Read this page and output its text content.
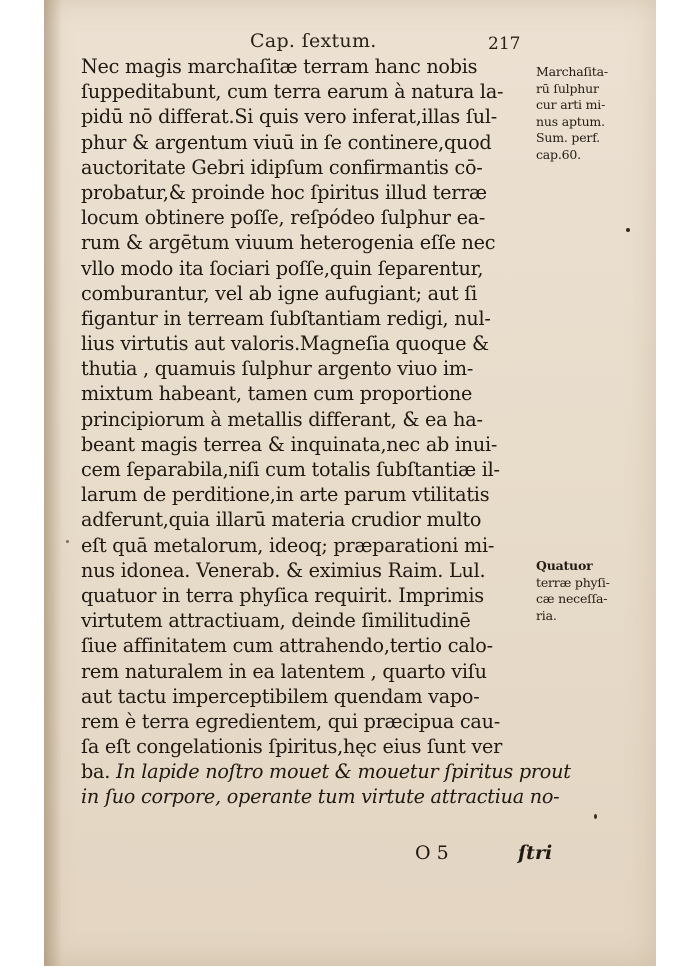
Cap. ſextum.	217
Nec magis marchaſitæ terram hanc nobis
ſuppeditabunt, cum terra earum à natura la-
pidū nō differat.Si quis vero inferat,illas ſul-
phur & argentum viuū in ſe continere,quod
auctoritate Gebri idipſum confirmantis cō-
probatur,& proinde hoc ſpiritus illud terræ
locum obtinere poſſe, reſpódeo ſulphur ea-
rum & argētum viuum heterogenia eſſe nec
vllo modo ita ſociari poſſe,quin ſeparentur,
comburantur, vel ab igne aufugiant; aut ſi
figantur in terream ſubſtantiam redigi, nul-
lius virtutis aut valoris.Magneſia quoque &
thutia , quamuis ſulphur argento viuo im-
mixtum habeant, tamen cum proportione
principiorum à metallis differant, & ea ha-
beant magis terrea & inquinata,nec ab inui-
cem ſeparabila,niſi cum totalis ſubſtantiæ il-
larum de perditione,in arte parum vtilitatis
adferunt,quia illarū materia crudior multo
eſt quā metalorum, ideoq; præparationi mi-
nus idonea. Venerab. & eximius Raim. Lul.
quatuor in terra phyſica requirit. Imprimis
virtutem attractiuam, deinde ſimilitudinē
ſiue affinitatem cum attrahendo,tertio calo-
rem naturalem in ea latentem , quarto viſu
aut tactu imperceptibilem quendam vapo-
rem è terra egredientem, qui præcipua cau-
ſa eſt congelationis ſpiritus,hęc eius ſunt ver
ba. In lapide noſtro mouet & mouetur ſpiritus prout
in ſuo corpore, operante tum virtute attractiua no-
Marchaſita-
rū ſulphur
cur arti mi-
nus aptum.
Sum. perf.
cap.60.
Quatuor
terræ phyſi-
cæ neceſſa-
ria.
O 5	ſtri
